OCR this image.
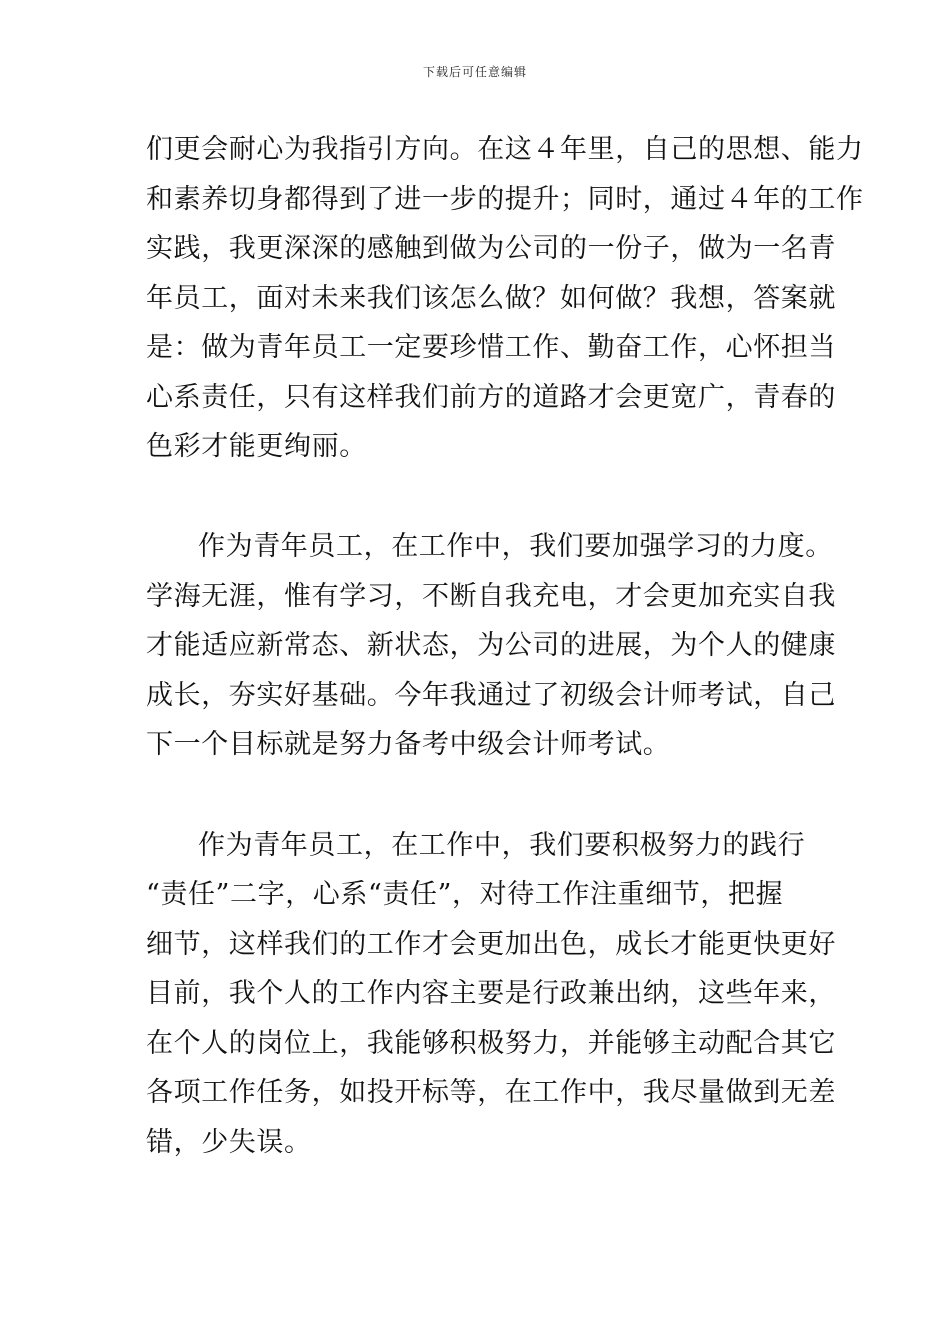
下载后可任意编辑
们更会耐心为我指引方向。在这４年里，自己的思想、能力
和素养切身都得到了进一步的提升；同时，通过４年的工作
实践，我更深深的感触到做为公司的一份子，做为一名青
年员工，面对未来我们该怎么做？如何做？我想，答案就
是：做为青年员工一定要珍惜工作、勤奋工作，心怀担当
心系责任，只有这样我们前方的道路才会更宽广，青春的
色彩才能更绚丽。
作为青年员工，在工作中，我们要加强学习的力度。
学海无涯，惟有学习，不断自我充电，才会更加充实自我
才能适应新常态、新状态，为公司的进展，为个人的健康
成长，夯实好基础。今年我通过了初级会计师考试，自己
下一个目标就是努力备考中级会计师考试。
作为青年员工，在工作中，我们要积极努力的践行
“责任”二字，心系“责任”，对待工作注重细节，把握
细节，这样我们的工作才会更加出色，成长才能更快更好
目前，我个人的工作内容主要是行政兼出纳，这些年来，
在个人的岗位上，我能够积极努力，并能够主动配合其它
各项工作任务，如投开标等，在工作中，我尽量做到无差
错，少失误。
